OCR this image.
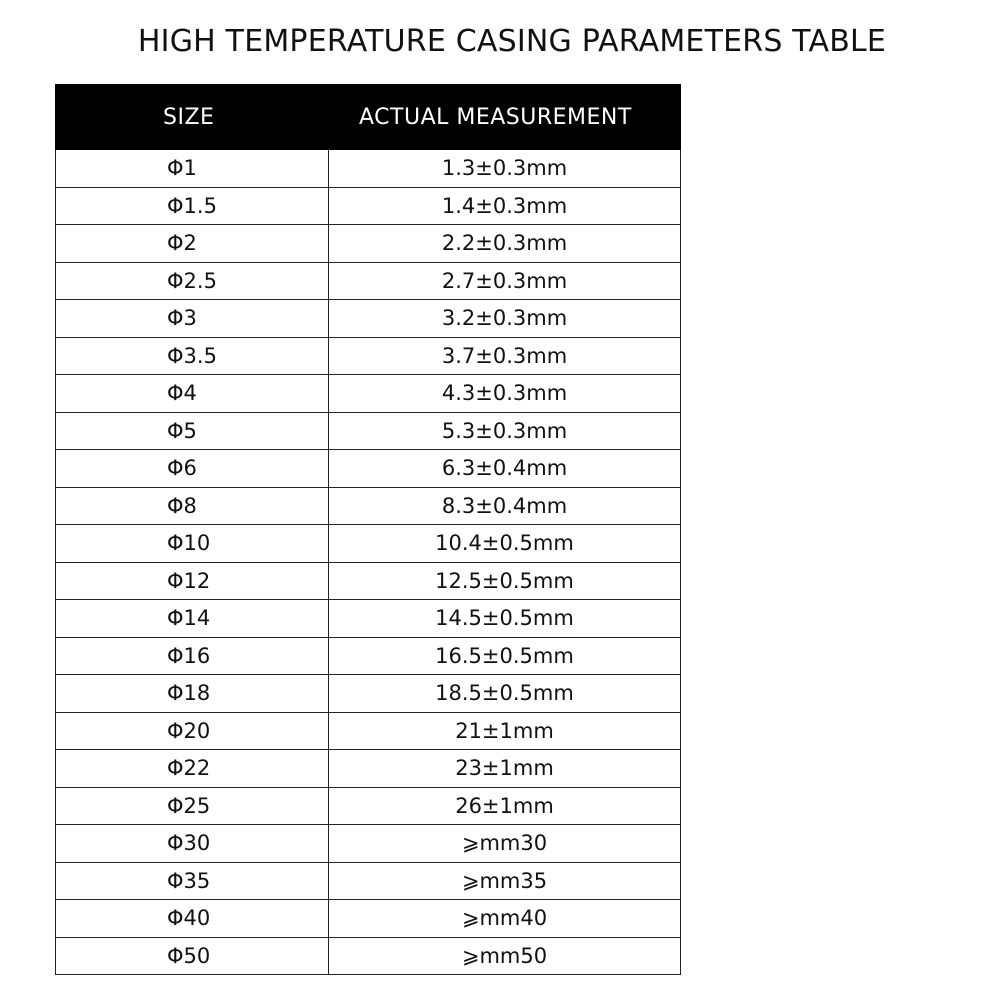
HIGH TEMPERATURE CASING PARAMETERS TABLE
SIZE	ACTUAL MEASUREMENT
Φ1	1.3±0.3mm
Φ1.5	1.4±0.3mm
Φ2	2.2±0.3mm
Φ2.5	2.7±0.3mm
Φ3	3.2±0.3mm
Φ3.5	3.7±0.3mm
Φ4	4.3±0.3mm
Φ5	5.3±0.3mm
Φ6	6.3±0.4mm
Φ8	8.3±0.4mm
Φ10	10.4±0.5mm
Φ12	12.5±0.5mm
Φ14	14.5±0.5mm
Φ16	16.5±0.5mm
Φ18	18.5±0.5mm
Φ20	21±1mm
Φ22	23±1mm
Φ25	26±1mm
Φ30	⩾mm30
Φ35	⩾mm35
Φ40	⩾mm40
Φ50	⩾mm50
